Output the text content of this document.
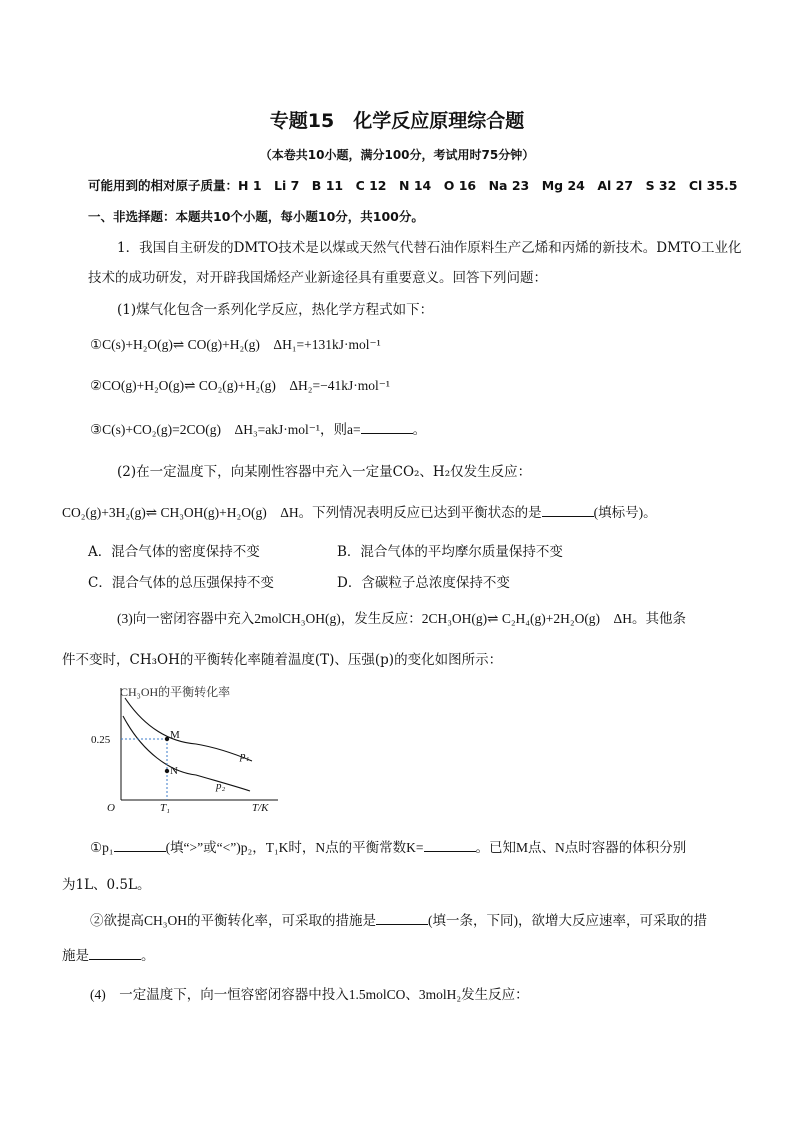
专题15　化学反应原理综合题
（本卷共10小题，满分100分，考试用时75分钟）
可能用到的相对原子质量：H 1　Li 7　B 11　C 12　N 14　O 16　Na 23　Mg 24　Al 27　S 32　Cl 35.5
一、非选择题：本题共10个小题，每小题10分，共100分。
1．我国自主研发的DMTO技术是以煤或天然气代替石油作原料生产乙烯和丙烯的新技术。DMTO工业化
技术的成功研发，对开辟我国烯烃产业新途径具有重要意义。回答下列问题：
(1)煤气化包含一系列化学反应，热化学方程式如下：
①C(s)+H₂O(g)⇌ CO(g)+H₂(g)　ΔH₁=+131kJ·mol⁻¹
②CO(g)+H₂O(g)⇌ CO₂(g)+H₂(g)　ΔH₂=−41kJ·mol⁻¹
③C(s)+CO₂(g)=2CO(g)　ΔH₃=akJ·mol⁻¹，则a=	。
(2)在一定温度下，向某刚性容器中充入一定量CO₂、H₂仅发生反应：
CO₂(g)+3H₂(g)⇌ CH₃OH(g)+H₂O(g)　ΔH。下列情况表明反应已达到平衡状态的是	(填标号)。
A．混合气体的密度保持不变	B．混合气体的平均摩尔质量保持不变
C．混合气体的总压强保持不变	D．含碳粒子总浓度保持不变
(3)向一密闭容器中充入2molCH₃OH(g)，发生反应：2CH₃OH(g)⇌ C₂H₄(g)+2H₂O(g)　ΔH。其他条
件不变时，CH₃OH的平衡转化率随着温度(T)、压强(p)的变化如图所示：
CH₃OH的平衡转化率
T/K
O
M
N
0.25
T₁
p₁
p₂
①p₁	(填“>”或“<”)p₂，T₁K时，N点的平衡常数K=	。已知M点、N点时容器的体积分别
为1L、0.5L。
②欲提高CH₃OH的平衡转化率，可采取的措施是	(填一条，下同)，欲增大反应速率，可采取的措
施是	。
(4)　一定温度下，向一恒容密闭容器中投入1.5molCO、3molH₂发生反应：
